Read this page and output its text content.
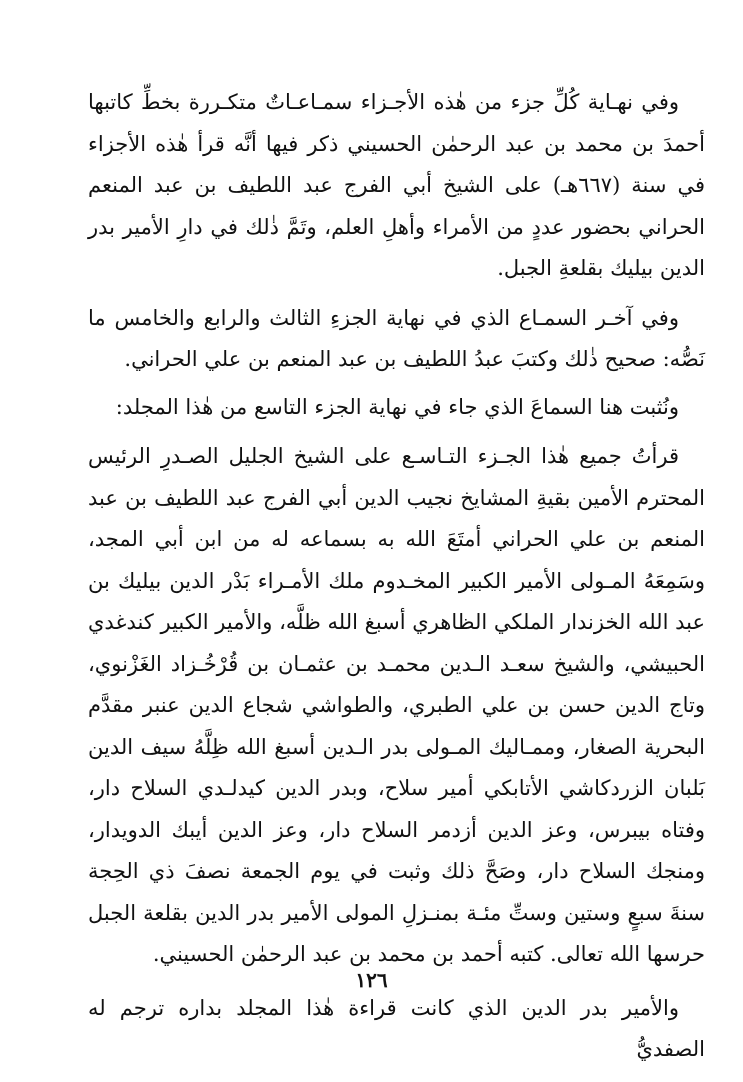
وفي نهـاية كُلِّ جزء من هٰذه الأجـزاء سمـاعـاتٌ متكـررة بخطِّ كاتبها أحمدَ بن محمد بن عبد الرحمٰن الحسيني ذكر فيها أنَّه قرأ هٰذه الأجزاء في سنة (٦٦٧هـ) على الشيخ أبي الفرج عبد اللطيف بن عبد المنعم الحراني بحضور عددٍ من الأمراء وأهلِ العلم، وتَمَّ ذٰلك في دارِ الأمير بدر الدين بيليك بقلعةِ الجبل.

وفي آخـر السمـاع الذي في نهاية الجزءِ الثالث والرابع والخامس ما نَصُّه: صحيح ذٰلك وكتبَ عبدُ اللطيف بن عبد المنعم بن علي الحراني.

ونُثبت هنا السماعَ الذي جاء في نهاية الجزء التاسع من هٰذا المجلد:

قرأتُ جميع هٰذا الجـزء التـاسـع على الشيخ الجليل الصـدرِ الرئيس المحترم الأمين بقيةِ المشايخ نجيب الدين أبي الفرج عبد اللطيف بن عبد المنعم بن علي الحراني أمتَعَ الله به بسماعه له من ابن أبي المجد، وسَمِعَهُ المـولى الأمير الكبير المخـدوم ملك الأمـراء بَدْر الدين بيليك بن عبد الله الخزندار الملكي الظاهري أسبغ الله ظلَّه، والأمير الكبير كندغدي الحبيشي، والشيخ سعـد الـدين محمـد بن عثمـان بن قُرْخُـزاد الغَزْنوي، وتاج الدين حسن بن علي الطبري، والطواشي شجاع الدين عنبر مقدَّم البحرية الصغار، وممـاليك المـولى بدر الـدين أسبغ الله ظِلَّهُ سيف الدين بَلبان الزردكاشي الأتابكي أمير سلاح، وبدر الدين كيدلـدي السلاح دار، وفتاه بيبرس، وعز الدين أزدمر السلاح دار، وعز الدين أيبك الدويدار، ومنجك السلاح دار، وصَحَّ ذلك وثبت في يوم الجمعة نصفَ ذي الحِجة سنةَ سبعٍ وستين وستِّ مئـة بمنـزلِ المولى الأمير بدر الدين بقلعة الجبل حرسها الله تعالى. كتبه أحمد بن محمد بن عبد الرحمٰن الحسيني.

والأمير بدر الدين الذي كانت قراءة هٰذا المجلد بداره ترجم له الصفديُّ

١٢٦
